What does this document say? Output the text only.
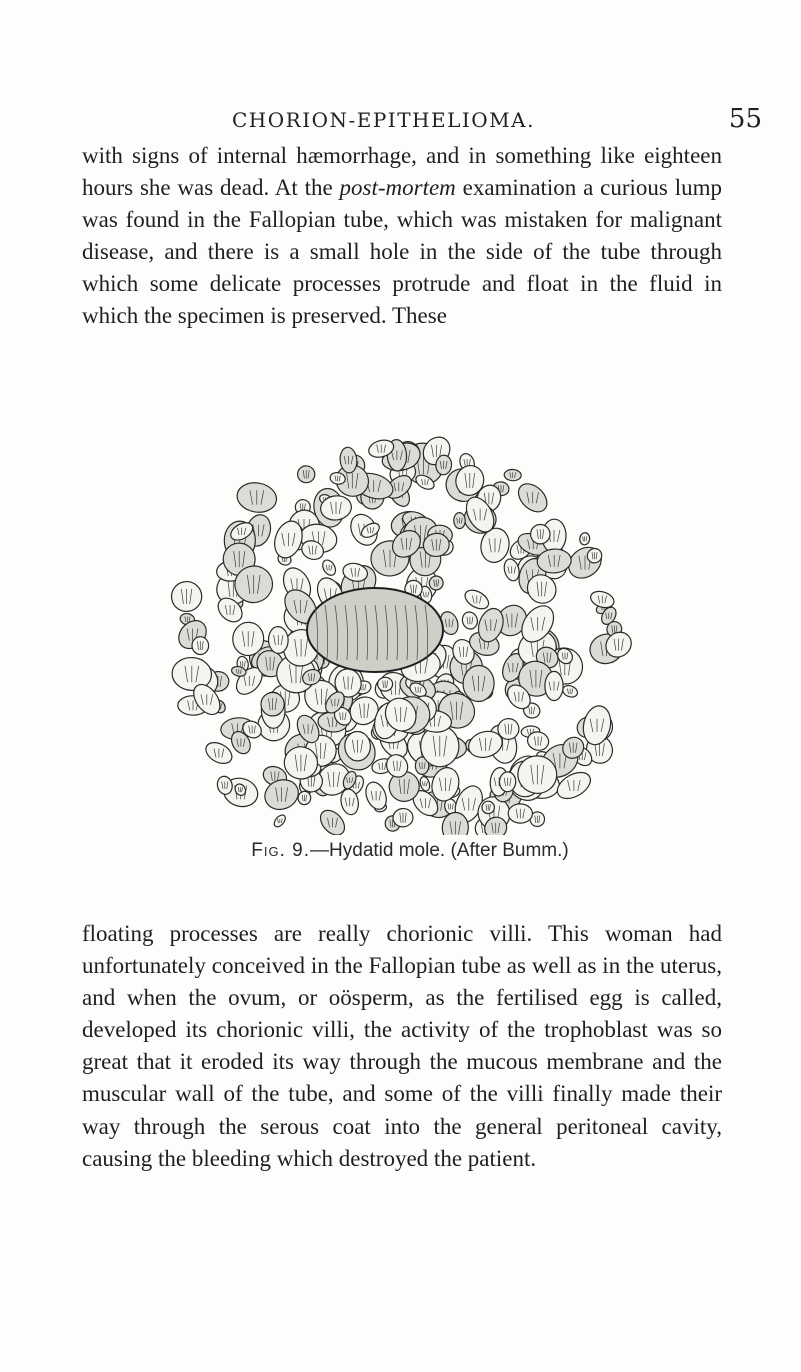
CHORION-EPITHELIOMA.	55

with signs of internal hæmorrhage, and in something like eighteen hours she was dead. At the post-mortem examination a curious lump was found in the Fallopian tube, which was mistaken for malignant disease, and there is a small hole in the side of the tube through which some delicate processes protrude and float in the fluid in which the specimen is preserved. These

Fig. 9.—Hydatid mole. (After Bumm.)

floating processes are really chorionic villi. This woman had unfortunately conceived in the Fallopian tube as well as in the uterus, and when the ovum, or oösperm, as the fertilised egg is called, developed its chorionic villi, the activity of the trophoblast was so great that it eroded its way through the mucous membrane and the muscular wall of the tube, and some of the villi finally made their way through the serous coat into the general peritoneal cavity, causing the bleeding which destroyed the patient.
